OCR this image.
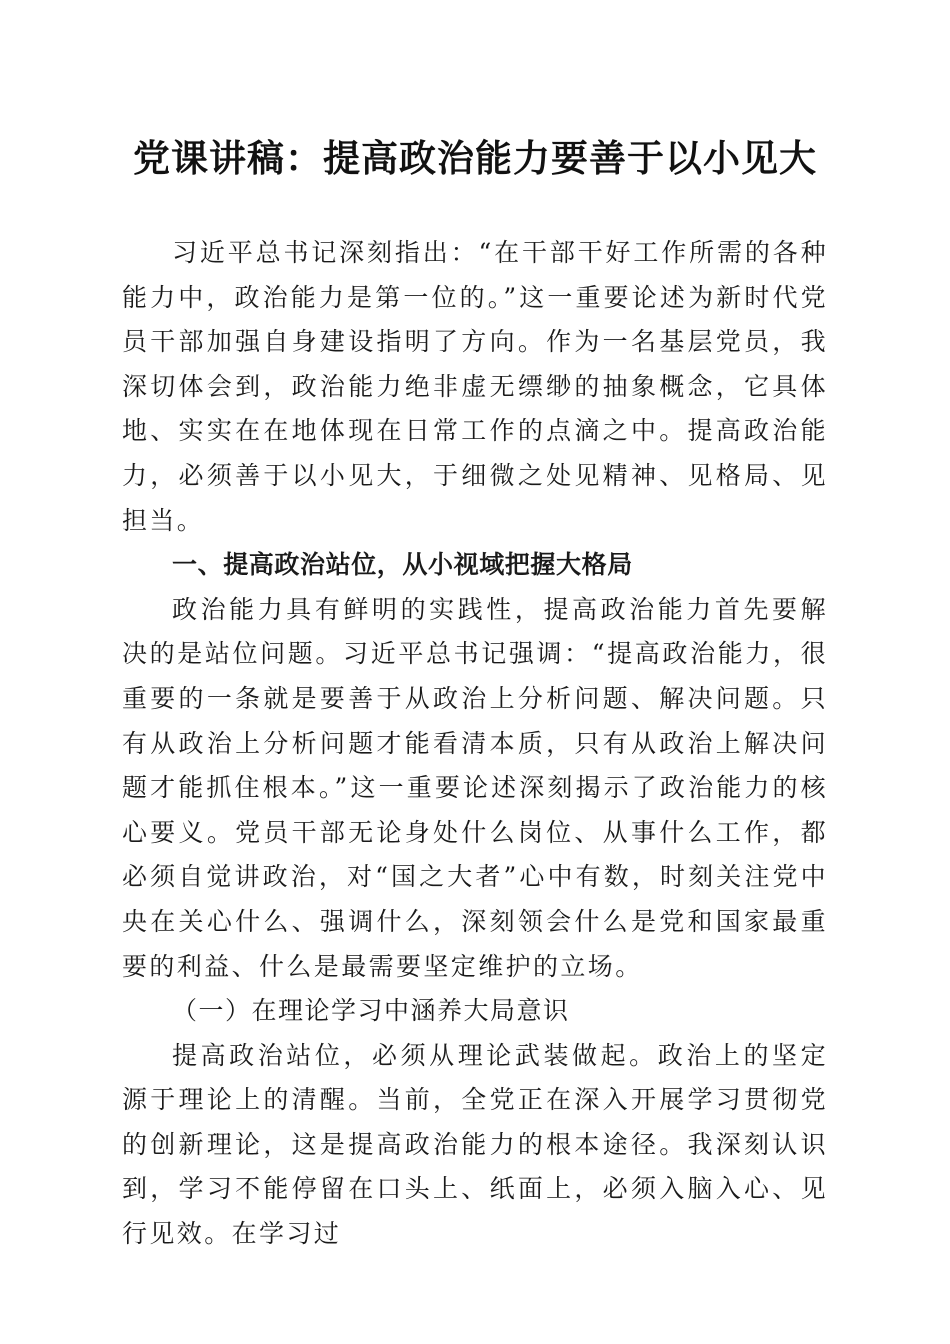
党课讲稿：提高政治能力要善于以小见大

习近平总书记深刻指出：“在干部干好工作所需的各种能力中，政治能力是第一位的。”这一重要论述为新时代党员干部加强自身建设指明了方向。作为一名基层党员，我深切体会到，政治能力绝非虚无缥缈的抽象概念，它具体地、实实在在地体现在日常工作的点滴之中。提高政治能力，必须善于以小见大，于细微之处见精神、见格局、见担当。

一、提高政治站位，从小视域把握大格局

政治能力具有鲜明的实践性，提高政治能力首先要解决的是站位问题。习近平总书记强调：“提高政治能力，很重要的一条就是要善于从政治上分析问题、解决问题。只有从政治上分析问题才能看清本质，只有从政治上解决问题才能抓住根本。”这一重要论述深刻揭示了政治能力的核心要义。党员干部无论身处什么岗位、从事什么工作，都必须自觉讲政治，对“国之大者”心中有数，时刻关注党中央在关心什么、强调什么，深刻领会什么是党和国家最重要的利益、什么是最需要坚定维护的立场。

（一）在理论学习中涵养大局意识

提高政治站位，必须从理论武装做起。政治上的坚定源于理论上的清醒。当前，全党正在深入开展学习贯彻党的创新理论，这是提高政治能力的根本途径。我深刻认识到，学习不能停留在口头上、纸面上，必须入脑入心、见行见效。在学习过
